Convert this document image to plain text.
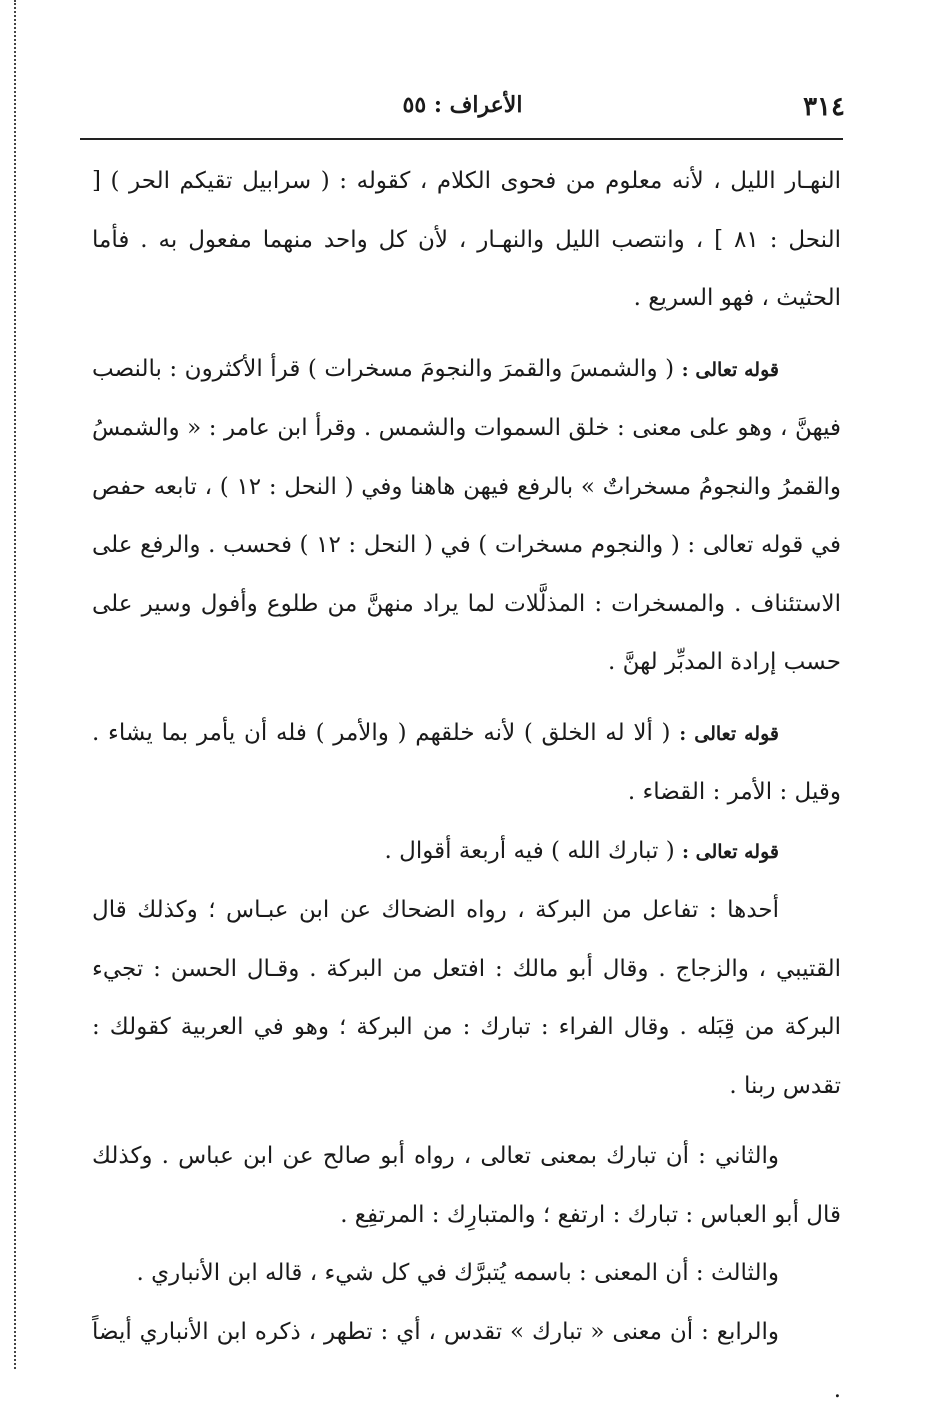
٣١٤
الأعراف : ٥٥

النهـار الليل ، لأنه معلوم من فحوى الكلام ، كقوله : ( سرابيل تقيكم الحر ) [ النحل : ٨١ ] ، وانتصب الليل والنهـار ، لأن كل واحد منهما مفعول به . فأما الحثيث ، فهو السريع .

قوله تعالى : ( والشمسَ والقمرَ والنجومَ مسخرات ) قرأ الأكثرون : بالنصب فيهنَّ ، وهو على معنى : خلق السموات والشمس . وقرأ ابن عامر : « والشمسُ والقمرُ والنجومُ مسخراتٌ » بالرفع فيهن هاهنا وفي ( النحل : ١٢ ) ، تابعه حفص في قوله تعالى : ( والنجوم مسخرات ) في ( النحل : ١٢ ) فحسب . والرفع على الاستئناف . والمسخرات : المذلَّلات لما يراد منهنَّ من طلوع وأفول وسير على حسب إرادة المدبِّر لهنَّ .

قوله تعالى : ( ألا له الخلق ) لأنه خلقهم ( والأمر ) فله أن يأمر بما يشاء . وقيل : الأمر : القضاء .

قوله تعالى : ( تبارك الله ) فيه أربعة أقوال .

أحدها : تفاعل من البركة ، رواه الضحاك عن ابن عبـاس ؛ وكذلك قال القتيبي ، والزجاج . وقال أبو مالك : افتعل من البركة . وقـال الحسن : تجيء البركة من قِبَله . وقال الفراء : تبارك : من البركة ؛ وهو في العربية كقولك : تقدس ربنا .

والثاني : أن تبارك بمعنى تعالى ، رواه أبو صالح عن ابن عباس . وكذلك قال أبو العباس : تبارك : ارتفع ؛ والمتبارِك : المرتفِع .

والثالث : أن المعنى : باسمه يُتبرَّك في كل شيء ، قاله ابن الأنباري .

والرابع : أن معنى « تبارك » تقدس ، أي : تطهر ، ذكره ابن الأنباري أيضاً .
